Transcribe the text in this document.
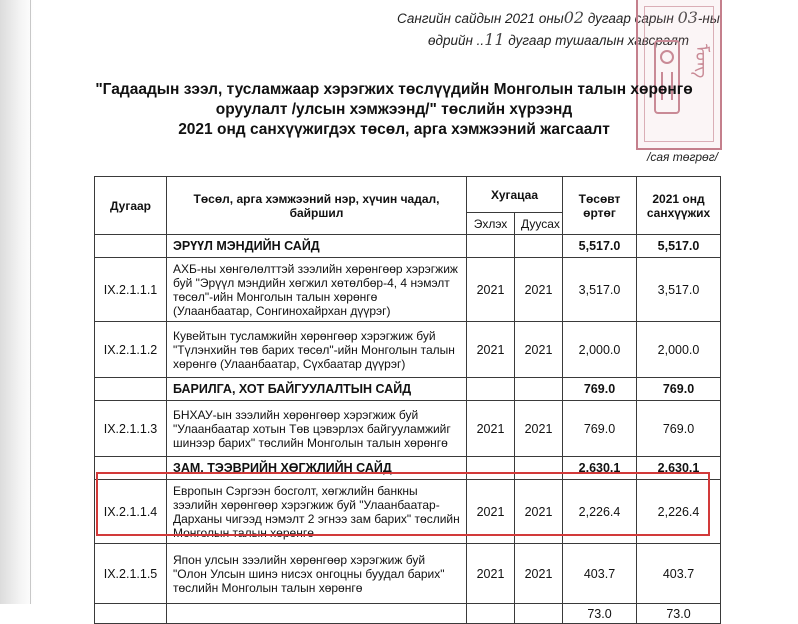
Сангийн сайдын 2021 оны02 дугаар сарын 03-ны
өдрийн ..11 дугаар тушаалын хавсралт
ᠮᠣᠩ
"Гадаадын зээл, тусламжаар хэрэгжих төслүүдийн Монголын талын хөрөнгө
оруулалт /улсын хэмжээнд/" төслийн хүрээнд
2021 онд санхүүжигдэх төсөл, арга хэмжээний жагсаалт
/сая төгрөг/
Дугаар	Төсөл, арга хэмжээний нэр, хүчин чадал, байршил	Хугацаа		Төсөвт өртөг	2021 онд санхүүжих
		Эхлэх	Дуусах		
	ЭРҮҮЛ МЭНДИЙН САЙД			5,517.0	5,517.0
IX.2.1.1.1	АХБ-ны хөнгөлөлттэй зээлийн хөрөнгөөр хэрэгжиж буй "Эрүүл мэндийн хөгжил хөтөлбөр-4, 4 нэмэлт төсөл"-ийн Монголын талын хөрөнгө (Улаанбаатар, Сонгинохайрхан дүүрэг)	2021	2021	3,517.0	3,517.0
IX.2.1.1.2	Кувейтын тусламжийн хөрөнгөөр хэрэгжиж буй "Түлэнхийн төв барих төсөл"-ийн Монголын талын хөрөнгө (Улаанбаатар, Сүхбаатар дүүрэг)	2021	2021	2,000.0	2,000.0
	БАРИЛГА, ХОТ БАЙГУУЛАЛТЫН САЙД			769.0	769.0
IX.2.1.1.3	БНХАУ-ын зээлийн хөрөнгөөр хэрэгжиж буй "Улаанбаатар хотын Төв цэвэрлэх байгууламжийг шинээр барих" төслийн Монголын талын хөрөнгө	2021	2021	769.0	769.0
	ЗАМ, ТЭЭВРИЙН ХӨГЖЛИЙН САЙД			2,630.1	2,630.1
IX.2.1.1.4	Европын Сэргээн босголт, хөгжлийн банкны зээлийн хөрөнгөөр хэрэгжиж буй "Улаанбаатар-Дарханы чигээд нэмэлт 2 эгнээ зам барих" төслийн Монголын талын хөрөнгө	2021	2021	2,226.4	2,226.4
IX.2.1.1.5	Япон улсын зээлийн хөрөнгөөр хэрэгжиж буй "Олон Улсын шинэ нисэх онгоцны буудал барих" төслийн Монголын талын хөрөнгө	2021	2021	403.7	403.7
				73.0	73.0
